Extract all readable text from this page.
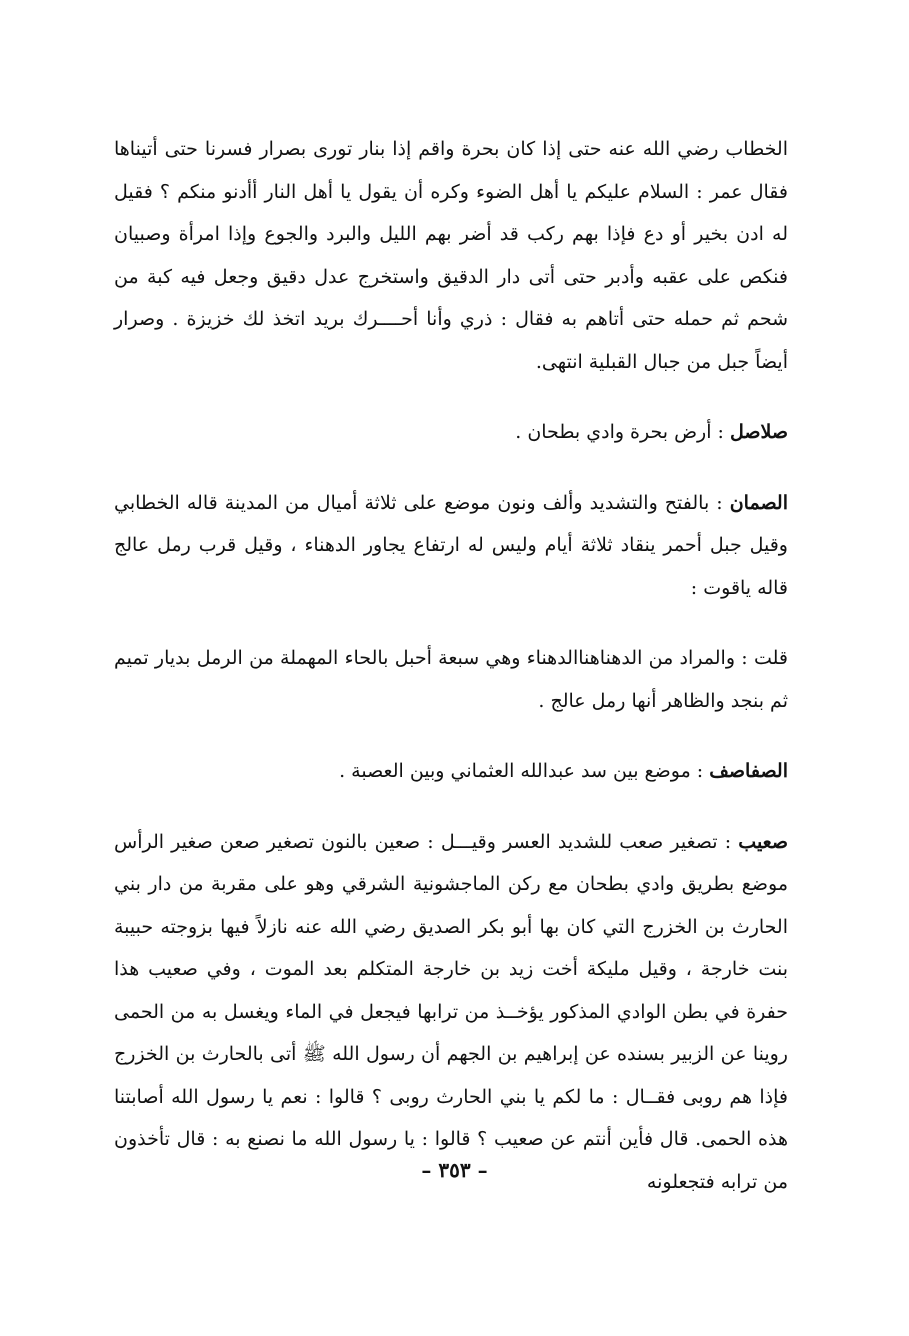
الخطاب رضي الله عنه حتى إذا كان بحرة واقم إذا بنار تورى بصرار فسرنا حتى أتيناها فقال عمر : السلام عليكم يا أهل الضوء وكره أن يقول يا أهل النار أأدنو منكم ؟ فقيل له ادن بخير أو دع فإذا بهم ركب قد أضر بهم الليل والبرد والجوع وإذا امرأة وصبيان فنكص على عقبه وأدبر حتى أتى دار الدقيق واستخرج عدل دقيق وجعل فيه كبة من شحم ثم حمله حتى أتاهم به فقال : ذري وأنا أحــــرك بريد اتخذ لك خزيزة . وصرار أيضاً جبل من جبال القبلية انتهى.

صلاصل : أرض بحرة وادي بطحان .

الصمان : بالفتح والتشديد وألف ونون موضع على ثلاثة أميال من المدينة قاله الخطابي وقيل جبل أحمر ينقاد ثلاثة أيام وليس له ارتفاع يجاور الدهناء ، وقيل قرب رمل عالج قاله ياقوت :

قلت : والمراد من الدهناهناالدهناء وهي سبعة أحبل بالحاء المهملة من الرمل بديار تميم ثم بنجد والظاهر أنها رمل عالج .

الصفاصف : موضع بين سد عبدالله العثماني وبين العصبة .

صعيب : تصغير صعب للشديد العسر وقيـــل : صعين بالنون تصغير صعن صغير الرأس موضع بطريق وادي بطحان مع ركن الماجشونية الشرقي وهو على مقربة من دار بني الحارث بن الخزرج التي كان بها أبو بكر الصديق رضي الله عنه نازلاً فيها بزوجته حبيبة بنت خارجة ، وقيل مليكة أخت زيد بن خارجة المتكلم بعد الموت ، وفي صعيب هذا حفرة في بطن الوادي المذكور يؤخــذ من ترابها فيجعل في الماء ويغسل به من الحمى روينا عن الزبير بسنده عن إبراهيم بن الجهم أن رسول الله ﷺ أتى بالحارث بن الخزرج فإذا هم روبى فقــال : ما لكم يا بني الحارث روبى ؟ قالوا : نعم يا رسول الله أصابتنا هذه الحمى. قال فأين أنتم عن صعيب ؟ قالوا : يا رسول الله ما نصنع به : قال تأخذون من ترابه فتجعلونه

– ٣٥٣ –
